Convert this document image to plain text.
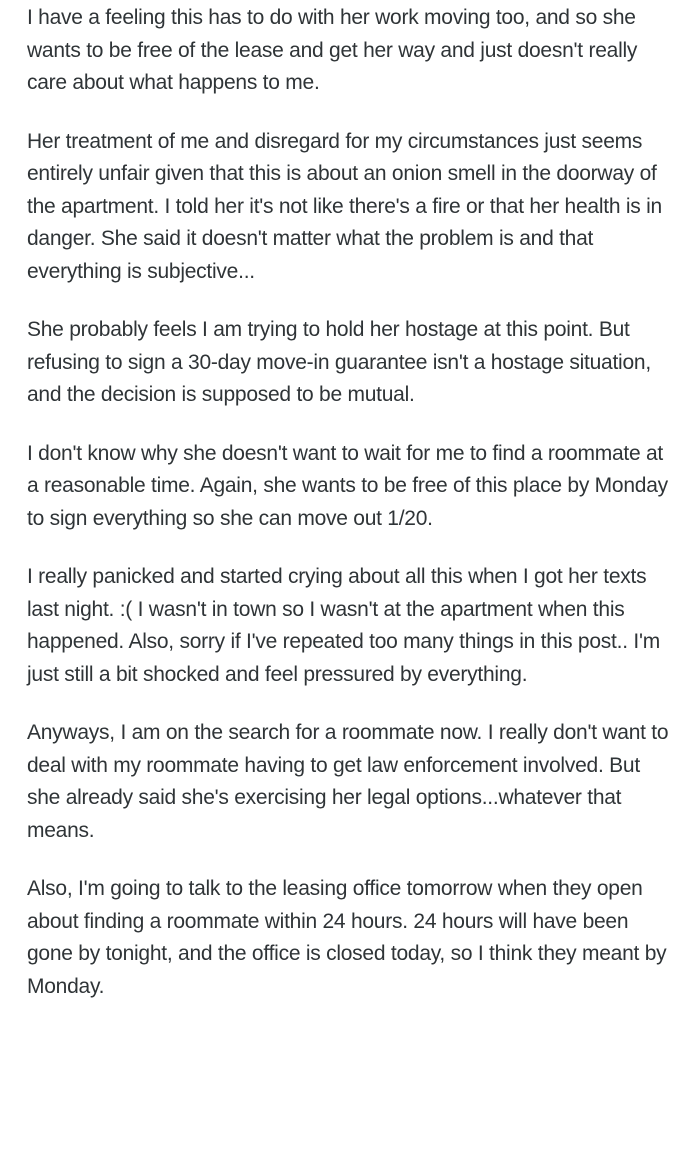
I have a feeling this has to do with her work moving too, and so she wants to be free of the lease and get her way and just doesn't really care about what happens to me.

Her treatment of me and disregard for my circumstances just seems entirely unfair given that this is about an onion smell in the doorway of the apartment. I told her it's not like there's a fire or that her health is in danger. She said it doesn't matter what the problem is and that everything is subjective...

She probably feels I am trying to hold her hostage at this point. But refusing to sign a 30-day move-in guarantee isn't a hostage situation, and the decision is supposed to be mutual.

I don't know why she doesn't want to wait for me to find a roommate at a reasonable time. Again, she wants to be free of this place by Monday to sign everything so she can move out 1/20.

I really panicked and started crying about all this when I got her texts last night. :( I wasn't in town so I wasn't at the apartment when this happened. Also, sorry if I've repeated too many things in this post.. I'm just still a bit shocked and feel pressured by everything.

Anyways, I am on the search for a roommate now. I really don't want to deal with my roommate having to get law enforcement involved. But she already said she's exercising her legal options...whatever that means.

Also, I'm going to talk to the leasing office tomorrow when they open about finding a roommate within 24 hours. 24 hours will have been gone by tonight, and the office is closed today, so I think they meant by Monday.
